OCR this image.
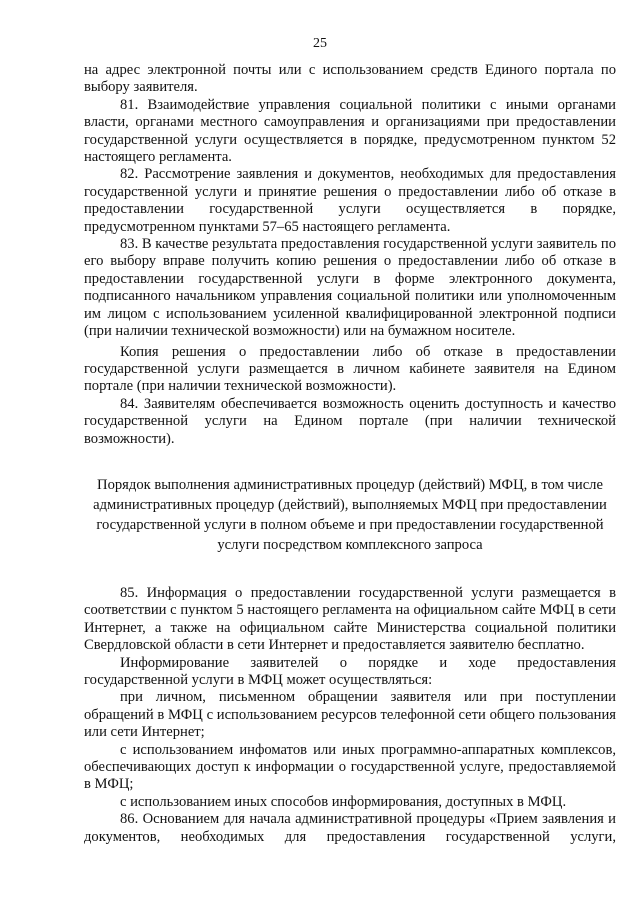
25

на адрес электронной почты или с использованием средств Единого портала по выбору заявителя.

81. Взаимодействие управления социальной политики с иными органами власти, органами местного самоуправления и организациями при предоставлении государственной услуги осуществляется в порядке, предусмотренном пунктом 52 настоящего регламента.

82. Рассмотрение заявления и документов, необходимых для предоставления государственной услуги и принятие решения о предоставлении либо об отказе в предоставлении государственной услуги осуществляется в порядке, предусмотренном пунктами 57–65 настоящего регламента.

83. В качестве результата предоставления государственной услуги заявитель по его выбору вправе получить копию решения о предоставлении либо об отказе в предоставлении государственной услуги в форме электронного документа, подписанного начальником управления социальной политики или уполномоченным им лицом с использованием усиленной квалифицированной электронной подписи (при наличии технической возможности) или на бумажном носителе.

Копия решения о предоставлении либо об отказе в предоставлении государственной услуги размещается в личном кабинете заявителя на Едином портале (при наличии технической возможности).

84. Заявителям обеспечивается возможность оценить доступность и качество государственной услуги на Едином портале (при наличии технической возможности).

Порядок выполнения административных процедур (действий) МФЦ, в том числе
административных процедур (действий), выполняемых МФЦ при предоставлении
государственной услуги в полном объеме и при предоставлении государственной
услуги посредством комплексного запроса

85. Информация о предоставлении государственной услуги размещается в соответствии с пунктом 5 настоящего регламента на официальном сайте МФЦ в сети Интернет, а также на официальном сайте Министерства социальной политики Свердловской области в сети Интернет и предоставляется заявителю бесплатно.

Информирование заявителей о порядке и ходе предоставления государственной услуги в МФЦ может осуществляться:

при личном, письменном обращении заявителя или при поступлении обращений в МФЦ с использованием ресурсов телефонной сети общего пользования или сети Интернет;

с использованием инфоматов или иных программно-аппаратных комплексов, обеспечивающих доступ к информации о государственной услуге, предоставляемой в МФЦ;

с использованием иных способов информирования, доступных в МФЦ.

86. Основанием для начала административной процедуры «Прием заявления и документов, необходимых для предоставления государственной услуги,
